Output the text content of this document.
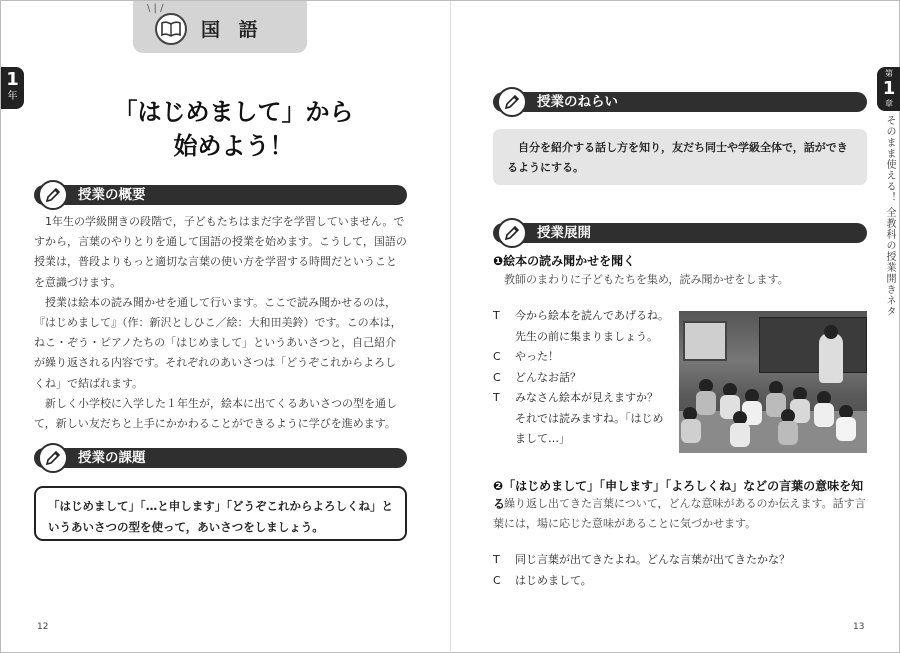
\ | /
国 語
1
年
第
1
章
そのまま使える！ 全教科の授業開きネタ
「はじめまして」から
始めよう！
授業の概要

1年生の学級開きの段階で，子どもたちはまだ字を学習していません。ですから，言葉のやりとりを通して国語の授業を始めます。こうして，国語の授業は，普段よりもっと適切な言葉の使い方を学習する時間だということを意識づけます。

授業は絵本の読み聞かせを通して行います。ここで読み聞かせるのは，『はじめまして』（作：新沢としひこ／絵：大和田美鈴）です。この本は，ねこ・ぞう・ピアノたちの「はじめまして」というあいさつと，自己紹介が繰り返される内容です。それぞれのあいさつは「どうぞこれからよろしくね」で結ばれます。

新しく小学校に入学した１年生が，絵本に出てくるあいさつの型を通して，新しい友だちと上手にかかわることができるように学びを進めます。

授業の課題
「はじめまして」「…と申します」「どうぞこれからよろしくね」というあいさつの型を使って，あいさつをしましょう。
授業のねらい
自分を紹介する話し方を知り，友だち同士や学級全体で，話ができるようにする。
授業展開
❶絵本の読み聞かせを聞く
教師のまわりに子どもたちを集め，読み聞かせをします。
T	今から絵本を読んであげるね。
先生の前に集まりましょう。
C	やった！
C	どんなお話？
T	みなさん絵本が見えますか？
それでは読みますね。「はじめ
まして…」
❷「はじめまして」「申します」「よろしくね」などの言葉の意味を知る
繰り返し出てきた言葉について，どんな意味があるのか伝えます。話す言葉には，場に応じた意味があることに気づかせます。
T	同じ言葉が出てきたよね。どんな言葉が出てきたかな？
C	はじめまして。
12	13
